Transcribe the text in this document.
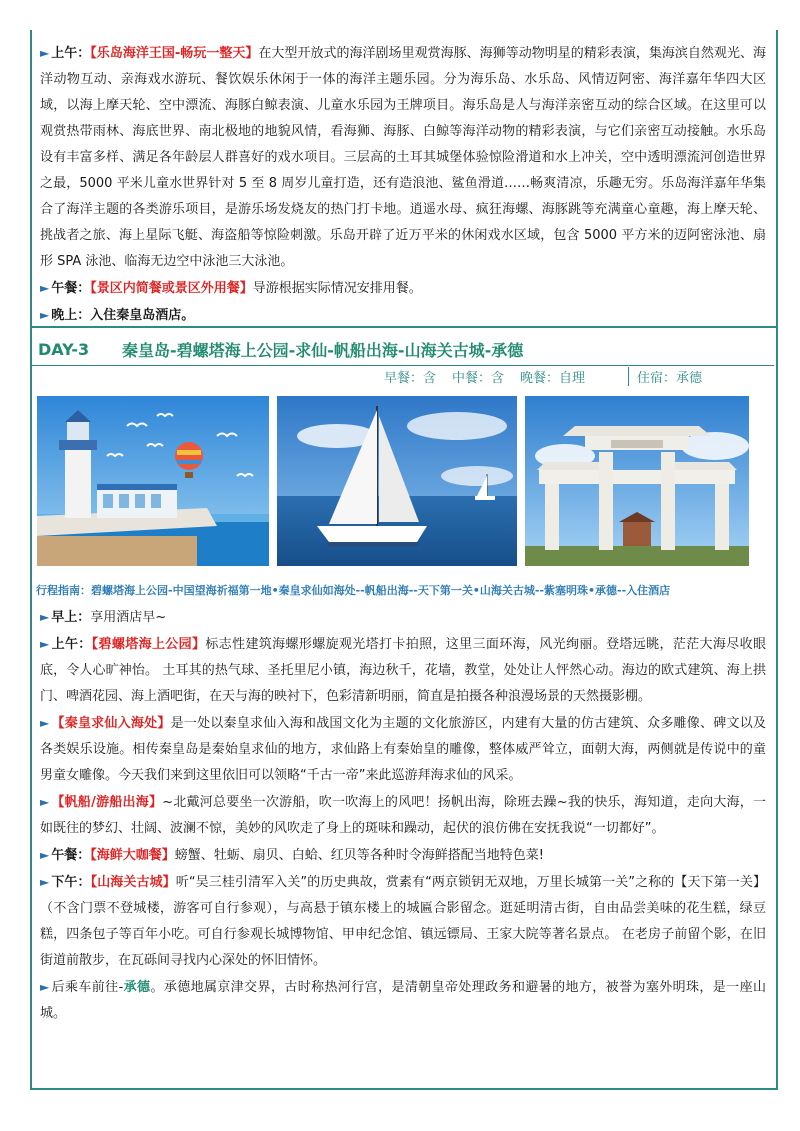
► 上午：【乐岛海洋王国-畅玩一整天】在大型开放式的海洋剧场里观赏海豚、海狮等动物明星的精彩表演，集海滨自然观光、海洋动物互动、亲海戏水游玩、餐饮娱乐休闲于一体的海洋主题乐园。分为海乐岛、水乐岛、风情迈阿密、海洋嘉年华四大区域，以海上摩天轮、空中漂流、海豚白鲸表演、儿童水乐园为王牌项目。海乐岛是人与海洋亲密互动的综合区域。在这里可以观赏热带雨林、海底世界、南北极地的地貌风情，看海狮、海豚、白鲸等海洋动物的精彩表演，与它们亲密互动接触。水乐岛设有丰富多样、满足各年龄层人群喜好的戏水项目。三层高的土耳其城堡体验惊险滑道和水上冲关，空中透明漂流河创造世界之最，5000 平米儿童水世界针对 5 至 8 周岁儿童打造，还有造浪池、鲨鱼滑道……畅爽清凉，乐趣无穷。乐岛海洋嘉年华集合了海洋主题的各类游乐项目，是游乐场发烧友的热门打卡地。逍遥水母、疯狂海螺、海豚跳等充满童心童趣，海上摩天轮、挑战者之旅、海上星际飞艇、海盗船等惊险刺激。乐岛开辟了近万平米的休闲戏水区域，包含 5000 平方米的迈阿密泳池、扇形 SPA 泳池、临海无边空中泳池三大泳池。

► 午餐：【景区内简餐或景区外用餐】导游根据实际情况安排用餐。

► 晚上：入住秦皇岛酒店。

DAY-3	秦皇岛-碧螺塔海上公园-求仙-帆船出海-山海关古城-承德
早餐：含 中餐：含 晚餐：自理	住宿：承德
行程指南：碧螺塔海上公园-中国望海祈福第一地•秦皇求仙如海处--帆船出海--天下第一关•山海关古城--紫塞明珠•承德--入住酒店

► 早上：享用酒店早~

► 上午：【碧螺塔海上公园】标志性建筑海螺形螺旋观光塔打卡拍照，这里三面环海，风光绚丽。登塔远眺，茫茫大海尽收眼底，令人心旷神怡。 土耳其的热气球、圣托里尼小镇，海边秋千，花墙，教堂，处处让人怦然心动。海边的欧式建筑、海上拱门、啤酒花园、海上酒吧街，在天与海的映衬下，色彩清新明丽，简直是拍摄各种浪漫场景的天然摄影棚。

► 【秦皇求仙入海处】是一处以秦皇求仙入海和战国文化为主题的文化旅游区，内建有大量的仿古建筑、众多雕像、碑文以及各类娱乐设施。相传秦皇岛是秦始皇求仙的地方，求仙路上有秦始皇的雕像，整体威严耸立，面朝大海，两侧就是传说中的童男童女雕像。今天我们来到这里依旧可以领略“千古一帝”来此巡游拜海求仙的风采。

► 【帆船/游船出海】~北戴河总要坐一次游船，吹一吹海上的风吧！扬帆出海，除班去躁~我的快乐，海知道，走向大海，一如既往的梦幻、壮阔、波澜不惊，美妙的风吹走了身上的斑味和躁动，起伏的浪仿佛在安抚我说“一切都好”。

► 午餐：【海鲜大咖餐】螃蟹、牡蛎、扇贝、白蛤、红贝等各种时令海鲜搭配当地特色菜!

► 下午：【山海关古城】听“吴三桂引清军入关”的历史典故，赏素有“两京锁钥无双地，万里长城第一关”之称的【天下第一关】（不含门票不登城楼，游客可自行参观），与高悬于镇东楼上的城匾合影留念。逛延明清古街，自由品尝美味的花生糕，绿豆糕，四条包子等百年小吃。可自行参观长城博物馆、甲申纪念馆、镇远镖局、王家大院等著名景点。 在老房子前留个影，在旧街道前散步，在瓦砾间寻找内心深处的怀旧情怀。

► 后乘车前往-承德。承德地属京津交界，古时称热河行宫，是清朝皇帝处理政务和避暑的地方，被誉为塞外明珠，是一座山城。
